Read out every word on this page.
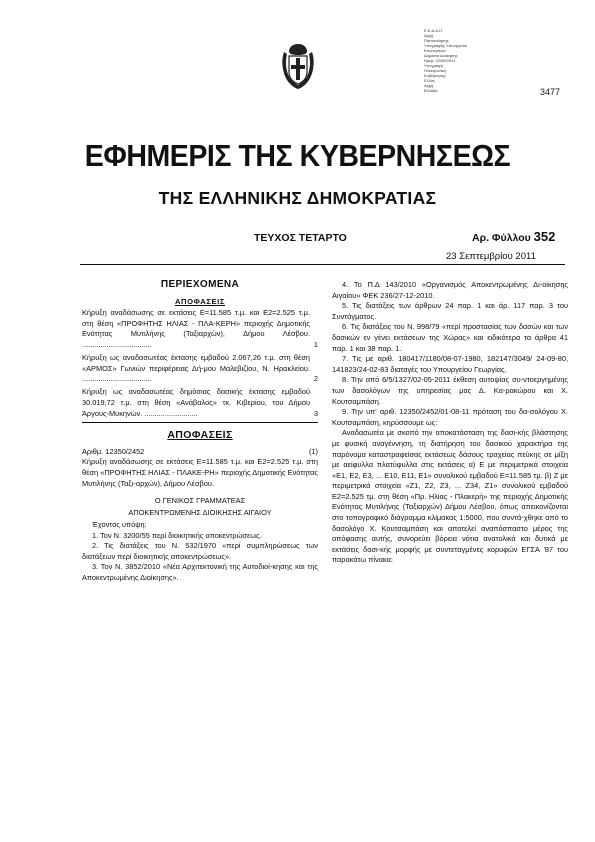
Ε.Ε.Δ.Α.Π.
Αρχή
Πιστοποίησης
Υπογραφής Υπουργείου
Εσωτερικών
Δημόσια Διοίκησης
Ημερ: 22/09/2011
Υπογραφή
Ηλεκτρονική
Κυβέρνησης
Ελλάς
Αρχή
Ελλάδα	3477
ΕΦΗΜΕΡΙΣ ΤΗΣ ΚΥΒΕΡΝΗΣΕΩΣ
ΤΗΣ ΕΛΛΗΝΙΚΗΣ ΔΗΜΟΚΡΑΤΙΑΣ
ΤΕΥΧΟΣ ΤΕΤΑΡΤΟ	Αρ. Φύλλου 352
23 Σεπτεμβρίου 2011
ΠΕΡΙΕΧΟΜΕΝΑ
ΑΠΟΦΑΣΕΙΣ
Κήρυξη αναδάσωσης σε εκτάσεις Ε=11.585 τ.μ. και Ε2=2.525 τ.μ. στη θέση «ΠΡΟΦΗΤΗΣ ΗΛΙΑΣ - ΠΛΑ-ΚΕΡΗ» περιοχής Δημοτικής Ενότητας Μυτιλήνης (Ταξιαρχών), Δήμου Λέσβου. ..................................	1
Κήρυξη ως αναδασωτέας έκτασης εμβαδού 2.067,26 τ.μ. στη θέση «ΑΡΜΟΣ» Γωνιών περιφέρειας Δή-μου Μαλεβιζίου, Ν. Ηρακλείου. ..................................	2
Κήρυξη ως αναδασωτέας δημόσιας δασικής έκτασης εμβαδού 30.019,72 τ.μ. στη θέση «Ανάβαλος» τκ. Κιβερίου, του Δήμου Άργους-Μυκηνών. ..........................	3
ΑΠΟΦΑΣΕΙΣ
Αριθμ. 12350/2452	(1)

Κήρυξη αναδάσωσης σε εκτάσεις Ε=11.585 τ.μ. και Ε2=2.525 τ.μ. στη θέση «ΠΡΟΦΗΤΗΣ ΗΛΙΑΣ - ΠΛΑΚΕ-ΡΗ» περιοχής Δημοτικής Ενότητας Μυτιλήνης (Ταξι-αρχών), Δήμου Λέσβου.

Ο ΓΕΝΙΚΟΣ ΓΡΑΜΜΑΤΕΑΣ
ΑΠΟΚΕΝΤΡΩΜΕΝΗΣ ΔΙΟΙΚΗΣΗΣ ΑΙΓΑΙΟΥ

Έχοντας υπόψη:

1. Τον Ν. 3200/55 περί διοικητικής αποκεντρώσεως.

2. Τις διατάξεις του Ν. 532/1970 «περί συμπληρώσεως των διατάξεων περί διοικητικής αποκεντρώσεως».

3. Τον Ν. 3852/2010 «Νέα Αρχιτεκτονική της Αυτοδιοί-κησης και της Αποκεντρωμένης Διοίκησης».

4. Το Π.Δ 143/2010 «Οργανισμός Αποκεντρωμένης Δι-οίκησης Αιγαίου» ΦΕΚ 236/27-12-2010.

5. Τις διατάξεις των άρθρων 24 παρ. 1 και άρ. 117 παρ. 3 του Συντάγματος.

6. Τις διατάξεις του Ν. 998/79 «περί προστασίας των δασών και των δασικών εν γένει εκτάσεων της Χώρας» και ειδικότερα τα άρθρα 41 παρ. 1 και 38 παρ. 1.

7. Τις με αριθ. 180417/1180/08-07-1980, 182147/3049/ 24-09-80, 141823/24-02-83 διαταγές του Υπουργείου Γεωργίας.

8. Την από 6/5/1327/02-05-2011 έκθεση αυτοψίας συ-ντοεργημένης των δασολόγων της υπηρεσίας μας Δ. Κα-ρακώρου και Χ. Κουτσαμπάση.

9. Την υπ' αριθ. 12350/2452/01-08-11 πρόταση του δα-σολόγου Χ. Κουτσαμπάση, κηρύσσουμε ως:

Αναδασωτέα με σκοπό την αποκατάσταση της δασι-κής βλάστησης με φυσική αναγέννηση, τη διατήρηση του δασικού χαρακτήρα της παρόνομα καταστραφείσας εκτάσεως δάσους τραχείας πεύκης σε μίξη με αείφυλλα πλατύφυλλα στις εκτάσεις α) Ε με περιμετρικά στοιχεία «Ε1, Ε2, Ε3, ... Ε10, Ε11, Ε1» συνολικού εμβαδού Ε=11.585 τμ. β) Ζ με περιμετρικά στοιχεία «Ζ1, Ζ2, Ζ3, ... Ζ34, Ζ1» συνολικού εμβαδού Ε2=2.525 τμ. στη θέση «Πρ. Ηλίας - Πλακερή» της περιοχής Δημοτικής Ενότητας Μυτιλήνης (Ταξιαρχών) Δήμου Λέσβου, όπως απεικονίζονται στο τοπογραφικό διάγραμμα κλίμακας 1:5000, που συντά-χθηκε από το δασολόγο Χ. Κουτσαμπάση και αποτελεί αναπόσπαστο μέρος της απόφασης αυτής, συνορεύει βόρεια νότια ανατολικά και δυτικά με εκτάσεις δασι-κής μορφής με συντεταγμένες κορυφών ΕΓΣΑ '87 του παρακάτω πίνακα:
